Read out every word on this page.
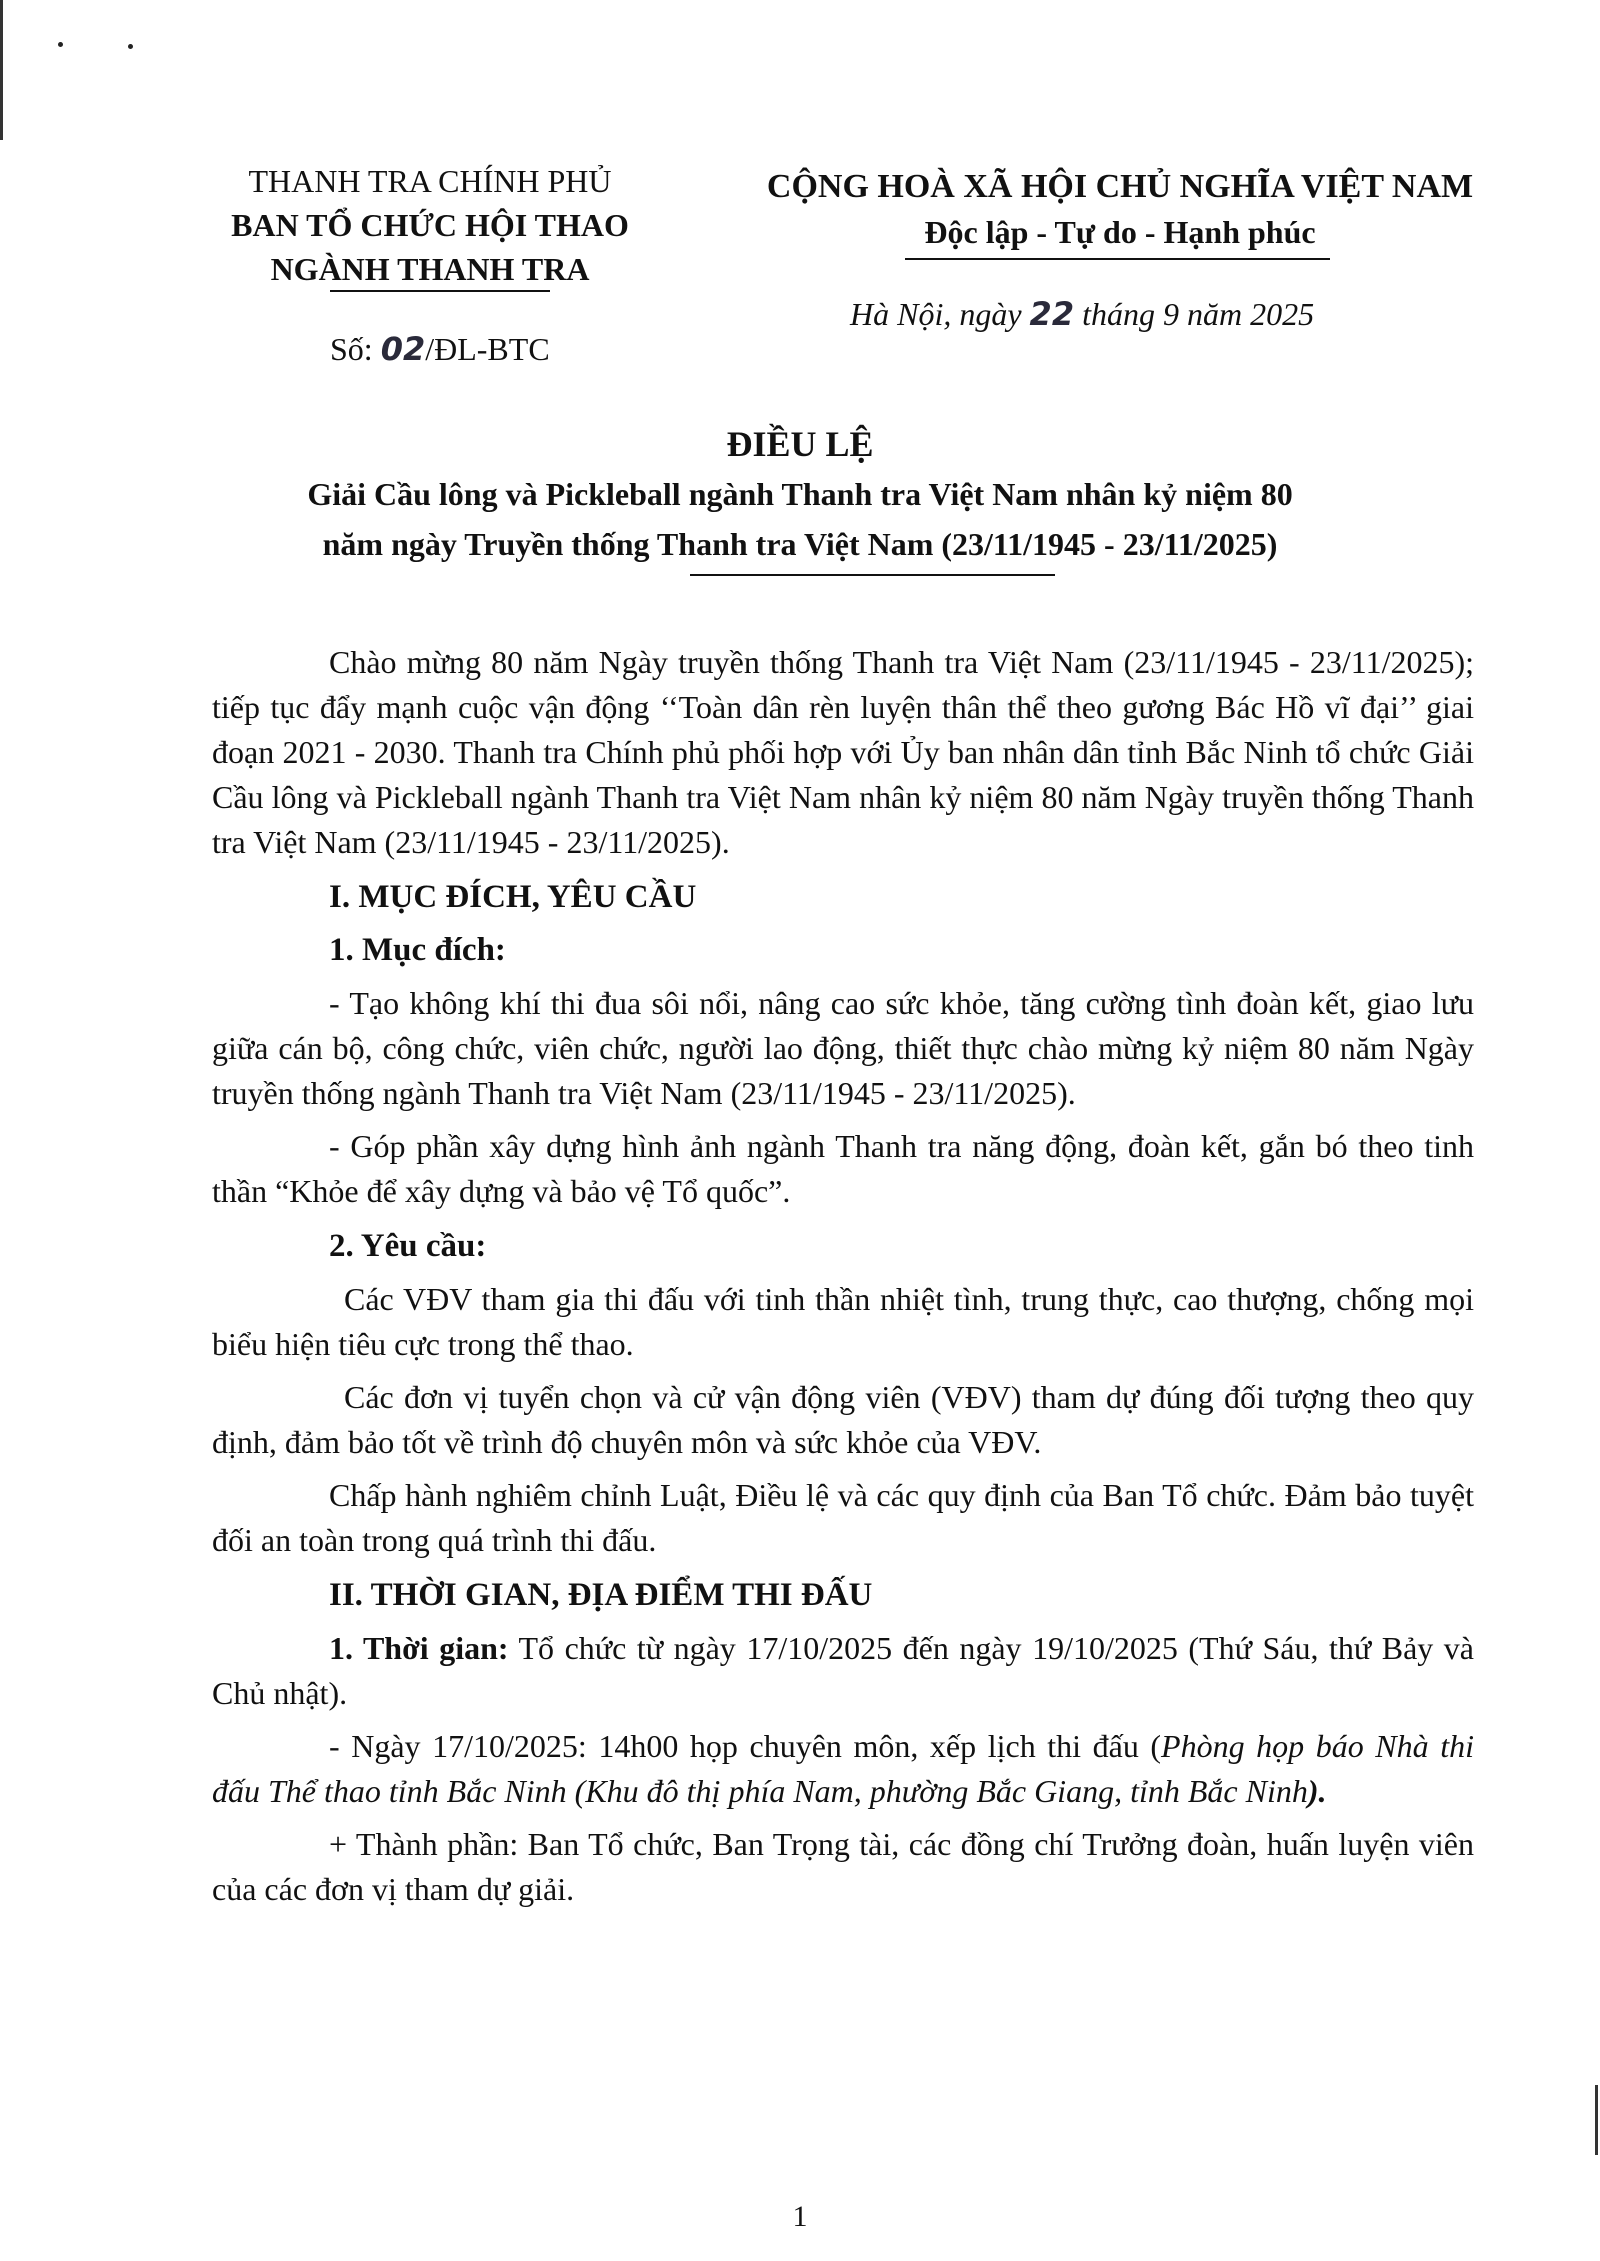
THANH TRA CHÍNH PHỦ
BAN TỔ CHỨC HỘI THAO
NGÀNH THANH TRA
Số: 02/ĐL-BTC
CỘNG HOÀ XÃ HỘI CHỦ NGHĨA VIỆT NAM
Độc lập - Tự do - Hạnh phúc
Hà Nội, ngày 22 tháng 9 năm 2025
ĐIỀU LỆ
Giải Cầu lông và Pickleball ngành Thanh tra Việt Nam nhân kỷ niệm 80
năm ngày Truyền thống Thanh tra Việt Nam (23/11/1945 - 23/11/2025)

Chào mừng 80 năm Ngày truyền thống Thanh tra Việt Nam (23/11/1945 - 23/11/2025); tiếp tục đẩy mạnh cuộc vận động ‘‘Toàn dân rèn luyện thân thể theo gương Bác Hồ vĩ đại’’ giai đoạn 2021 - 2030. Thanh tra Chính phủ phối hợp với Ủy ban nhân dân tỉnh Bắc Ninh tổ chức Giải Cầu lông và Pickleball ngành Thanh tra Việt Nam nhân kỷ niệm 80 năm Ngày truyền thống Thanh tra Việt Nam (23/11/1945 - 23/11/2025).

I. MỤC ĐÍCH, YÊU CẦU

1. Mục đích:

- Tạo không khí thi đua sôi nổi, nâng cao sức khỏe, tăng cường tình đoàn kết, giao lưu giữa cán bộ, công chức, viên chức, người lao động, thiết thực chào mừng kỷ niệm 80 năm Ngày truyền thống ngành Thanh tra Việt Nam (23/11/1945 - 23/11/2025).

- Góp phần xây dựng hình ảnh ngành Thanh tra năng động, đoàn kết, gắn bó theo tinh thần “Khỏe để xây dựng và bảo vệ Tổ quốc”.

2. Yêu cầu:

Các VĐV tham gia thi đấu với tinh thần nhiệt tình, trung thực, cao thượng, chống mọi biểu hiện tiêu cực trong thể thao.

Các đơn vị tuyển chọn và cử vận động viên (VĐV) tham dự đúng đối tượng theo quy định, đảm bảo tốt về trình độ chuyên môn và sức khỏe của VĐV.

Chấp hành nghiêm chỉnh Luật, Điều lệ và các quy định của Ban Tổ chức. Đảm bảo tuyệt đối an toàn trong quá trình thi đấu.

II. THỜI GIAN, ĐỊA ĐIỂM THI ĐẤU

1. Thời gian: Tổ chức từ ngày 17/10/2025 đến ngày 19/10/2025 (Thứ Sáu, thứ Bảy và Chủ nhật).

- Ngày 17/10/2025: 14h00 họp chuyên môn, xếp lịch thi đấu (Phòng họp báo Nhà thi đấu Thể thao tỉnh Bắc Ninh (Khu đô thị phía Nam, phường Bắc Giang, tỉnh Bắc Ninh).

+ Thành phần: Ban Tổ chức, Ban Trọng tài, các đồng chí Trưởng đoàn, huấn luyện viên của các đơn vị tham dự giải.

1
